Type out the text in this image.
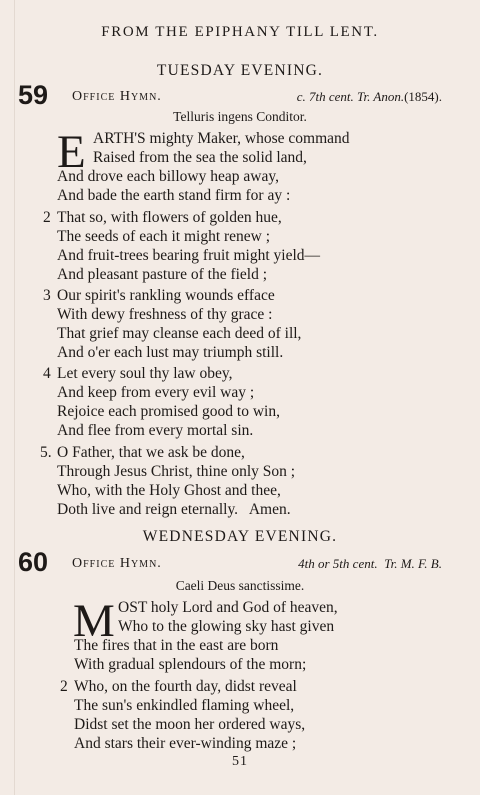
FROM THE EPIPHANY TILL LENT.
TUESDAY EVENING.
59 Office Hymn.	c. 7th cent. Tr. Anon.(1854).
Telluris ingens Conditor.
E ARTH'S mighty Maker, whose command
Raised from the sea the solid land,
And drove each billowy heap away,
And bade the earth stand firm for ay :
2 That so, with flowers of golden hue,
The seeds of each it might renew ;
And fruit-trees bearing fruit might yield—
And pleasant pasture of the field ;
3 Our spirit's rankling wounds efface
With dewy freshness of thy grace :
That grief may cleanse each deed of ill,
And o'er each lust may triumph still.
4 Let every soul thy law obey,
And keep from every evil way ;
Rejoice each promised good to win,
And flee from every mortal sin.
5. O Father, that we ask be done,
Through Jesus Christ, thine only Son ;
Who, with the Holy Ghost and thee,
Doth live and reign eternally.   Amen.
WEDNESDAY EVENING.
60 Office Hymn.	4th or 5th cent.  Tr. M. F. B.
Caeli Deus sanctissime.
M OST holy Lord and God of heaven,
Who to the glowing sky hast given
The fires that in the east are born
With gradual splendours of the morn;
2 Who, on the fourth day, didst reveal
The sun's enkindled flaming wheel,
Didst set the moon her ordered ways,
And stars their ever-winding maze ;
51
